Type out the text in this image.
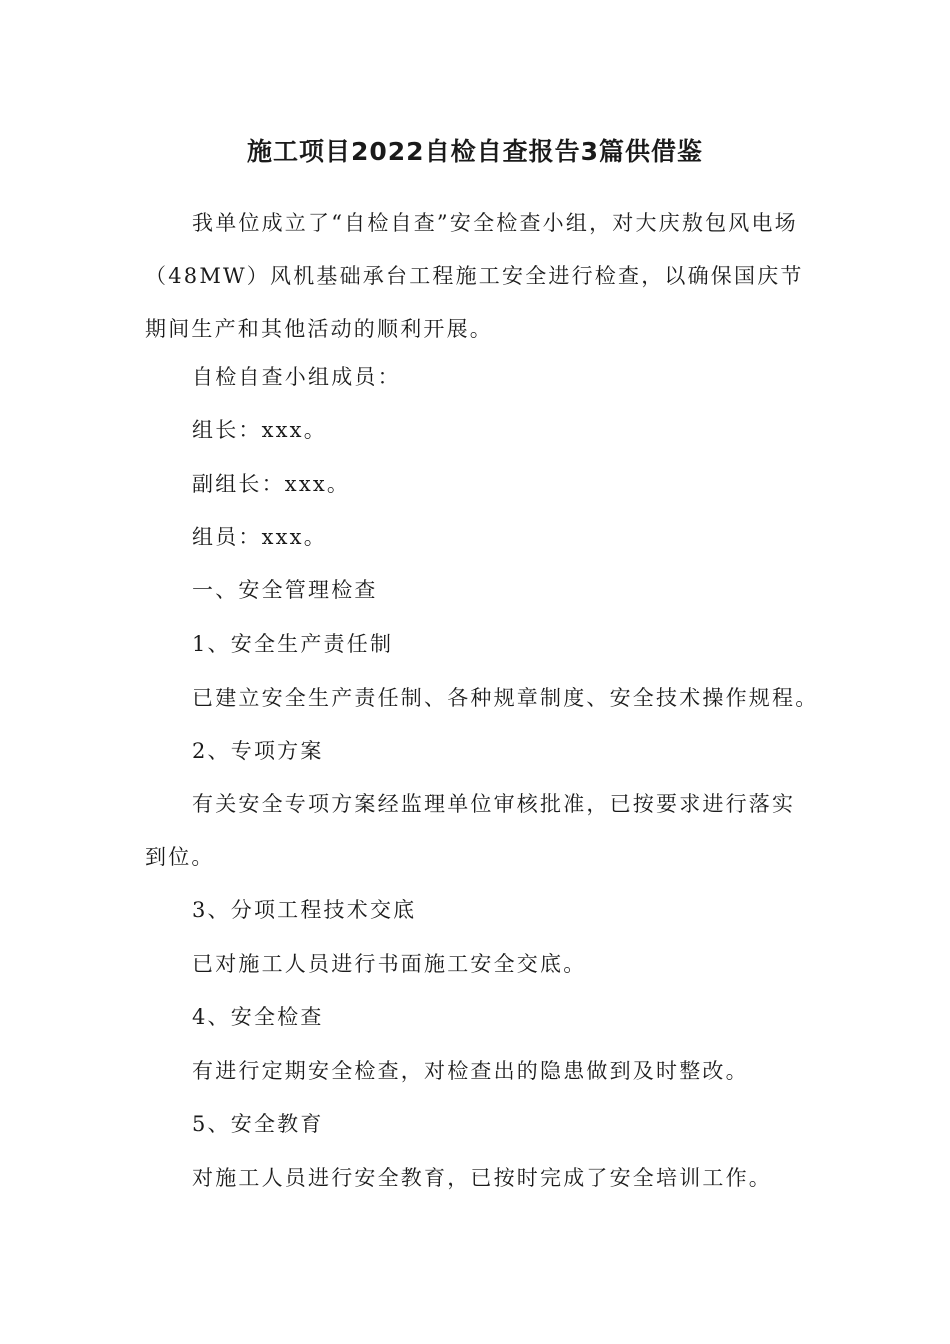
施工项目2022自检自查报告3篇供借鉴

我单位成立了“自检自查”安全检查小组，对大庆敖包风电场（48MW）风机基础承台工程施工安全进行检查，以确保国庆节期间生产和其他活动的顺利开展。

自检自查小组成员：

组长：xxx。

副组长：xxx。

组员：xxx。

一、安全管理检查

1、安全生产责任制

已建立安全生产责任制、各种规章制度、安全技术操作规程。

2、专项方案

有关安全专项方案经监理单位审核批准，已按要求进行落实到位。

3、分项工程技术交底

已对施工人员进行书面施工安全交底。

4、安全检查

有进行定期安全检查，对检查出的隐患做到及时整改。

5、安全教育

对施工人员进行安全教育，已按时完成了安全培训工作。
